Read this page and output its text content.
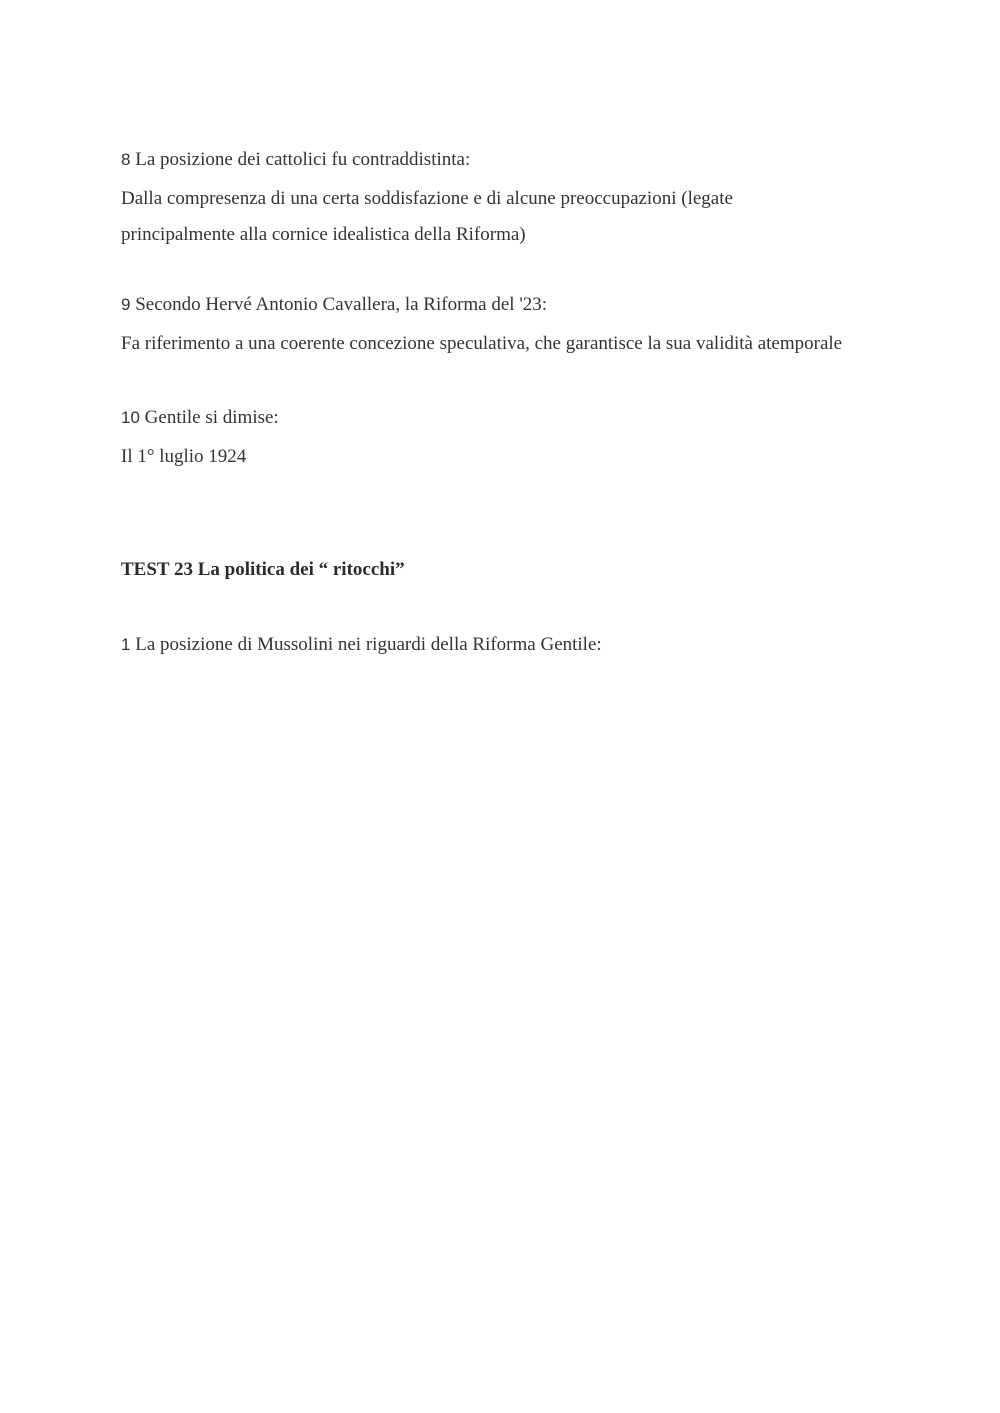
8 La posizione dei cattolici fu contraddistinta:
Dalla compresenza di una certa soddisfazione e di alcune preoccupazioni (legate
principalmente alla cornice idealistica della Riforma)
9 Secondo Hervé Antonio Cavallera, la Riforma del '23:
Fa riferimento a una coerente concezione speculativa, che garantisce la sua validità atemporale
10 Gentile si dimise:
Il 1° luglio 1924
TEST 23 La politica dei “ ritocchi”
1 La posizione di Mussolini nei riguardi della Riforma Gentile:
